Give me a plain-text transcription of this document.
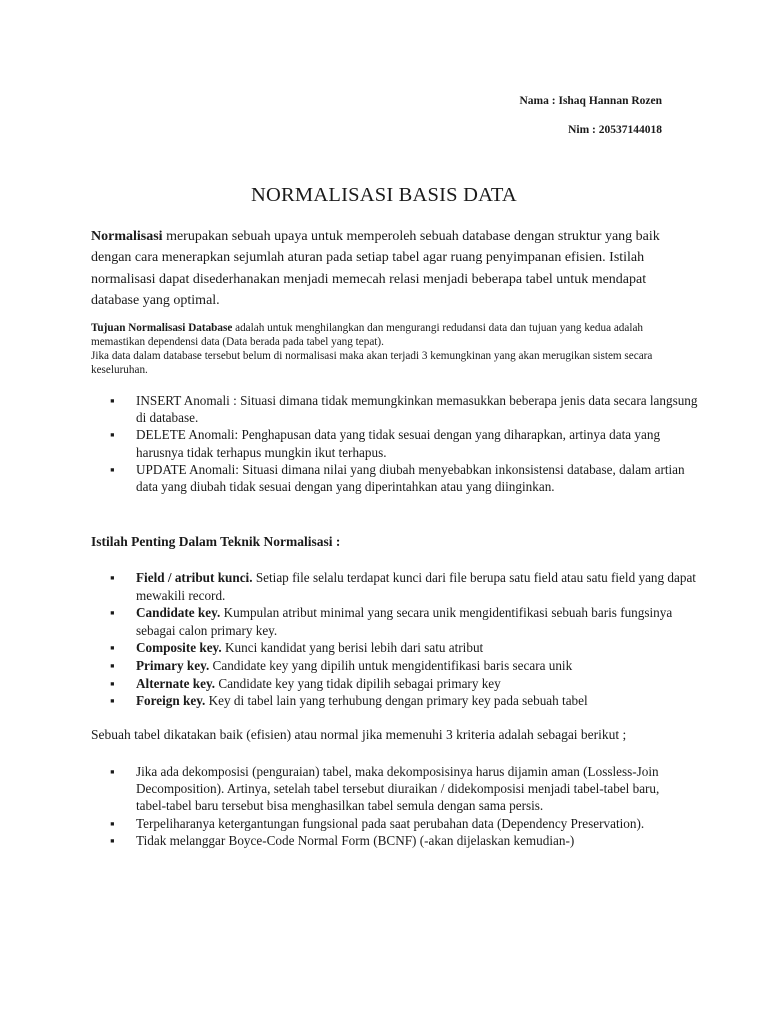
Nama : Ishaq Hannan Rozen
Nim : 20537144018
NORMALISASI BASIS DATA
Normalisasi merupakan sebuah upaya untuk memperoleh sebuah database dengan struktur yang baik dengan cara menerapkan sejumlah aturan pada setiap tabel agar ruang penyimpanan efisien. Istilah normalisasi dapat disederhanakan menjadi memecah relasi menjadi beberapa tabel untuk mendapat database yang optimal.

Tujuan Normalisasi Database adalah untuk menghilangkan dan mengurangi redudansi data dan tujuan yang kedua adalah memastikan dependensi data (Data berada pada tabel yang tepat).

Jika data dalam database tersebut belum di normalisasi maka akan terjadi 3 kemungkinan yang akan merugikan sistem secara keseluruhan.

▪	INSERT Anomali : Situasi dimana tidak memungkinkan memasukkan beberapa jenis data secara langsung di database.
▪	DELETE Anomali: Penghapusan data yang tidak sesuai dengan yang diharapkan, artinya data yang harusnya tidak terhapus mungkin ikut terhapus.
▪	UPDATE Anomali: Situasi dimana nilai yang diubah menyebabkan inkonsistensi database, dalam artian data yang diubah tidak sesuai dengan yang diperintahkan atau yang diinginkan.
Istilah Penting Dalam Teknik Normalisasi :
▪	Field / atribut kunci. Setiap file selalu terdapat kunci dari file berupa satu field atau satu field yang dapat mewakili record.
▪	Candidate key. Kumpulan atribut minimal yang secara unik mengidentifikasi sebuah baris fungsinya sebagai calon primary key.
▪	Composite key. Kunci kandidat yang berisi lebih dari satu atribut
▪	Primary key. Candidate key yang dipilih untuk mengidentifikasi baris secara unik
▪	Alternate key. Candidate key yang tidak dipilih sebagai primary key
▪	Foreign key. Key di tabel lain yang terhubung dengan primary key pada sebuah tabel
Sebuah tabel dikatakan baik (efisien) atau normal jika memenuhi 3 kriteria adalah sebagai berikut ;
▪	Jika ada dekomposisi (penguraian) tabel, maka dekomposisinya harus dijamin aman (Lossless-Join Decomposition). Artinya, setelah tabel tersebut diuraikan / didekomposisi menjadi tabel-tabel baru, tabel-tabel baru tersebut bisa menghasilkan tabel semula dengan sama persis.
▪	Terpeliharanya ketergantungan fungsional pada saat perubahan data (Dependency Preservation).
▪	Tidak melanggar Boyce-Code Normal Form (BCNF) (-akan dijelaskan kemudian-)
